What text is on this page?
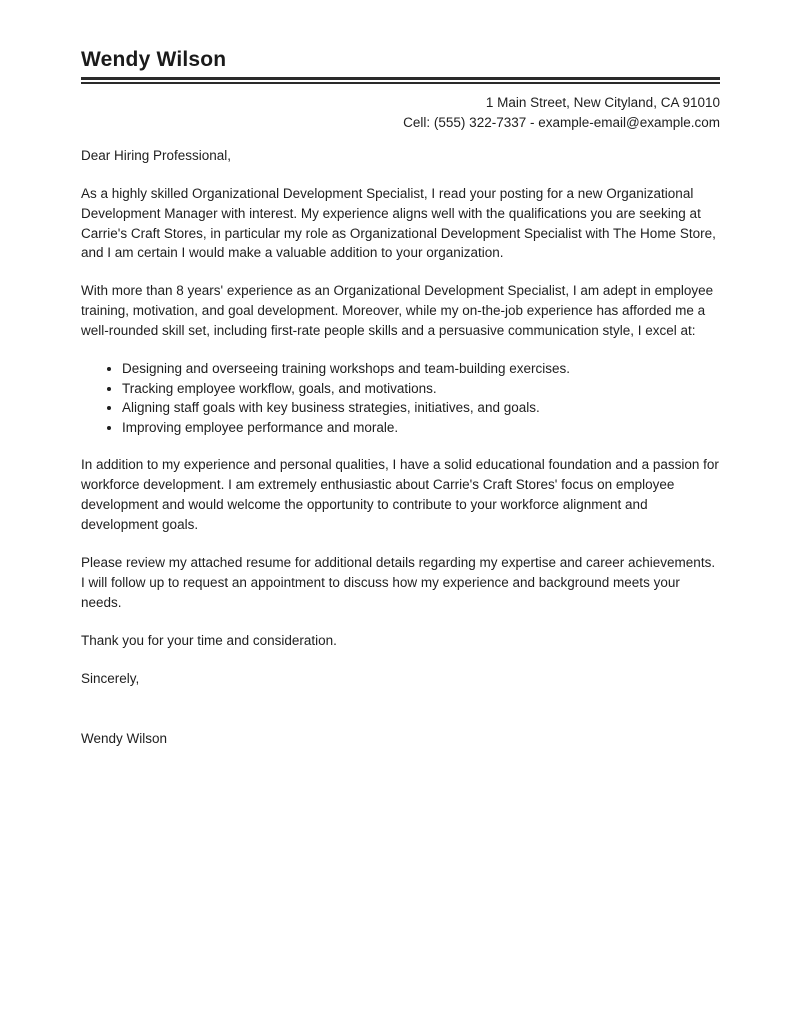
Wendy Wilson
1 Main Street, New Cityland, CA 91010
Cell: (555) 322-7337 - example-email@example.com

Dear Hiring Professional,

As a highly skilled Organizational Development Specialist, I read your posting for a new Organizational Development Manager with interest. My experience aligns well with the qualifications you are seeking at Carrie's Craft Stores, in particular my role as Organizational Development Specialist with The Home Store, and I am certain I would make a valuable addition to your organization.

With more than 8 years' experience as an Organizational Development Specialist, I am adept in employee training, motivation, and goal development. Moreover, while my on-the-job experience has afforded me a well-rounded skill set, including first-rate people skills and a persuasive communication style, I excel at:

• Designing and overseeing training workshops and team-building exercises.
• Tracking employee workflow, goals, and motivations.
• Aligning staff goals with key business strategies, initiatives, and goals.
• Improving employee performance and morale.

In addition to my experience and personal qualities, I have a solid educational foundation and a passion for workforce development. I am extremely enthusiastic about Carrie's Craft Stores' focus on employee development and would welcome the opportunity to contribute to your workforce alignment and development goals.

Please review my attached resume for additional details regarding my expertise and career achievements. I will follow up to request an appointment to discuss how my experience and background meets your needs.

Thank you for your time and consideration.

Sincerely,

Wendy Wilson
